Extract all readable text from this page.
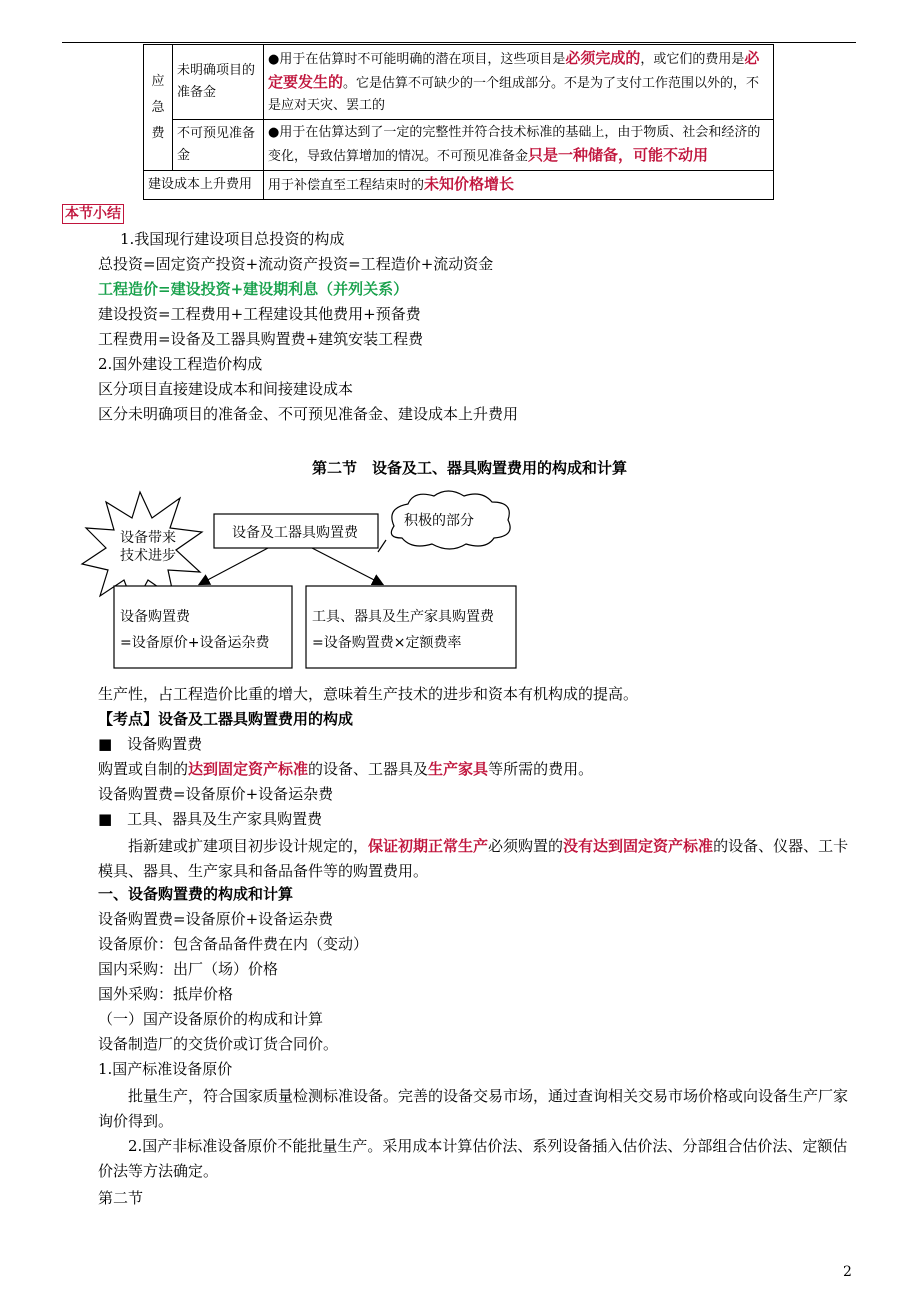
应急费	未明确项目的准备金	●用于在估算时不可能明确的潜在项目，这些项目是必须完成的，或它们的费用是必定要发生的。它是估算不可缺少的一个组成部分。不是为了支付工作范围以外的，不是应对天灾、罢工的
	不可预见准备金	●用于在估算达到了一定的完整性并符合技术标准的基础上，由于物质、社会和经济的变化，导致估算增加的情况。不可预见准备金只是一种储备，可能不动用
建设成本上升费用		用于补偿直至工程结束时的未知价格增长
本节小结
1.我国现行建设项目总投资的构成
总投资=固定资产投资+流动资产投资=工程造价+流动资金
工程造价=建设投资+建设期利息（并列关系）
建设投资=工程费用+工程建设其他费用+预备费
工程费用=设备及工器具购置费+建筑安装工程费
2.国外建设工程造价构成
区分项目直接建设成本和间接建设成本
区分未明确项目的准备金、不可预见准备金、建设成本上升费用
第二节　设备及工、器具购置费用的构成和计算
设备带来
技术进步
设备及工器具购置费
积极的部分
设备购置费
=设备原价+设备运杂费
工具、器具及生产家具购置费
=设备购置费×定额费率
生产性，占工程造价比重的增大，意味着生产技术的进步和资本有机构成的提高。
【考点】设备及工器具购置费用的构成
■　设备购置费
购置或自制的达到固定资产标准的设备、工器具及生产家具等所需的费用。
设备购置费=设备原价+设备运杂费
■　工具、器具及生产家具购置费
指新建或扩建项目初步设计规定的，保证初期正常生产必须购置的没有达到固定资产标准的设备、仪器、工卡模具、器具、生产家具和备品备件等的购置费用。
一、设备购置费的构成和计算
设备购置费=设备原价+设备运杂费
设备原价：包含备品备件费在内（变动）
国内采购：出厂（场）价格
国外采购：抵岸价格
（一）国产设备原价的构成和计算
设备制造厂的交货价或订货合同价。
1.国产标准设备原价
批量生产，符合国家质量检测标准设备。完善的设备交易市场，通过查询相关交易市场价格或向设备生产厂家询价得到。
2.国产非标准设备原价不能批量生产。采用成本计算估价法、系列设备插入估价法、分部组合估价法、定额估价法等方法确定。
第二节
2
